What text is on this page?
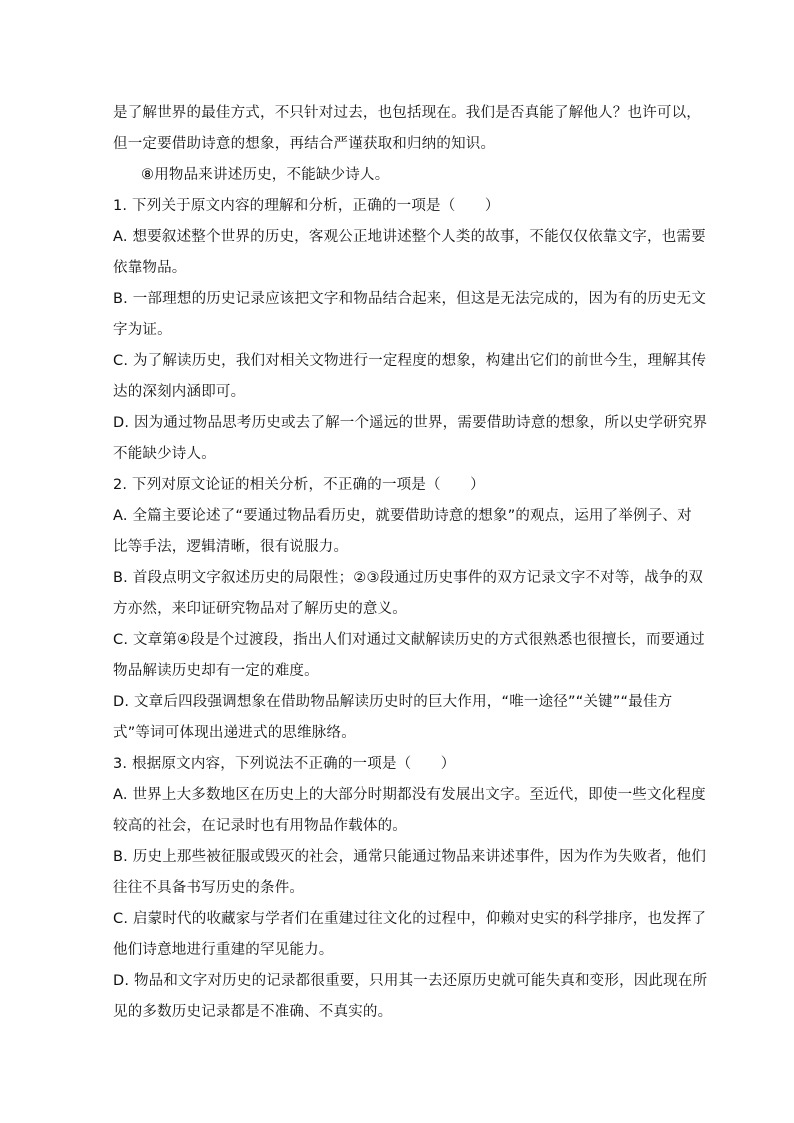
是了解世界的最佳方式，不只针对过去，也包括现在。我们是否真能了解他人？也许可以，
但一定要借助诗意的想象，再结合严谨获取和归纳的知识。
⑧用物品来讲述历史，不能缺少诗人。
1. 下列关于原文内容的理解和分析，正确的一项是（　　）
A. 想要叙述整个世界的历史，客观公正地讲述整个人类的故事，不能仅仅依靠文字，也需要
依靠物品。
B. 一部理想的历史记录应该把文字和物品结合起来，但这是无法完成的，因为有的历史无文
字为证。
C. 为了解读历史，我们对相关文物进行一定程度的想象，构建出它们的前世今生，理解其传
达的深刻内涵即可。
D. 因为通过物品思考历史或去了解一个遥远的世界，需要借助诗意的想象，所以史学研究界
不能缺少诗人。
2. 下列对原文论证的相关分析，不正确的一项是（　　）
A. 全篇主要论述了“要通过物品看历史，就要借助诗意的想象”的观点，运用了举例子、对
比等手法，逻辑清晰，很有说服力。
B. 首段点明文字叙述历史的局限性；②③段通过历史事件的双方记录文字不对等，战争的双
方亦然，来印证研究物品对了解历史的意义。
C. 文章第④段是个过渡段，指出人们对通过文献解读历史的方式很熟悉也很擅长，而要通过
物品解读历史却有一定的难度。
D. 文章后四段强调想象在借助物品解读历史时的巨大作用，“唯一途径”“关键”“最佳方
式”等词可体现出递进式的思维脉络。
3. 根据原文内容，下列说法不正确的一项是（　　）
A. 世界上大多数地区在历史上的大部分时期都没有发展出文字。至近代，即使一些文化程度
较高的社会，在记录时也有用物品作载体的。
B. 历史上那些被征服或毁灭的社会，通常只能通过物品来讲述事件，因为作为失败者，他们
往往不具备书写历史的条件。
C. 启蒙时代的收藏家与学者们在重建过往文化的过程中，仰赖对史实的科学排序，也发挥了
他们诗意地进行重建的罕见能力。
D. 物品和文字对历史的记录都很重要，只用其一去还原历史就可能失真和变形，因此现在所
见的多数历史记录都是不准确、不真实的。
